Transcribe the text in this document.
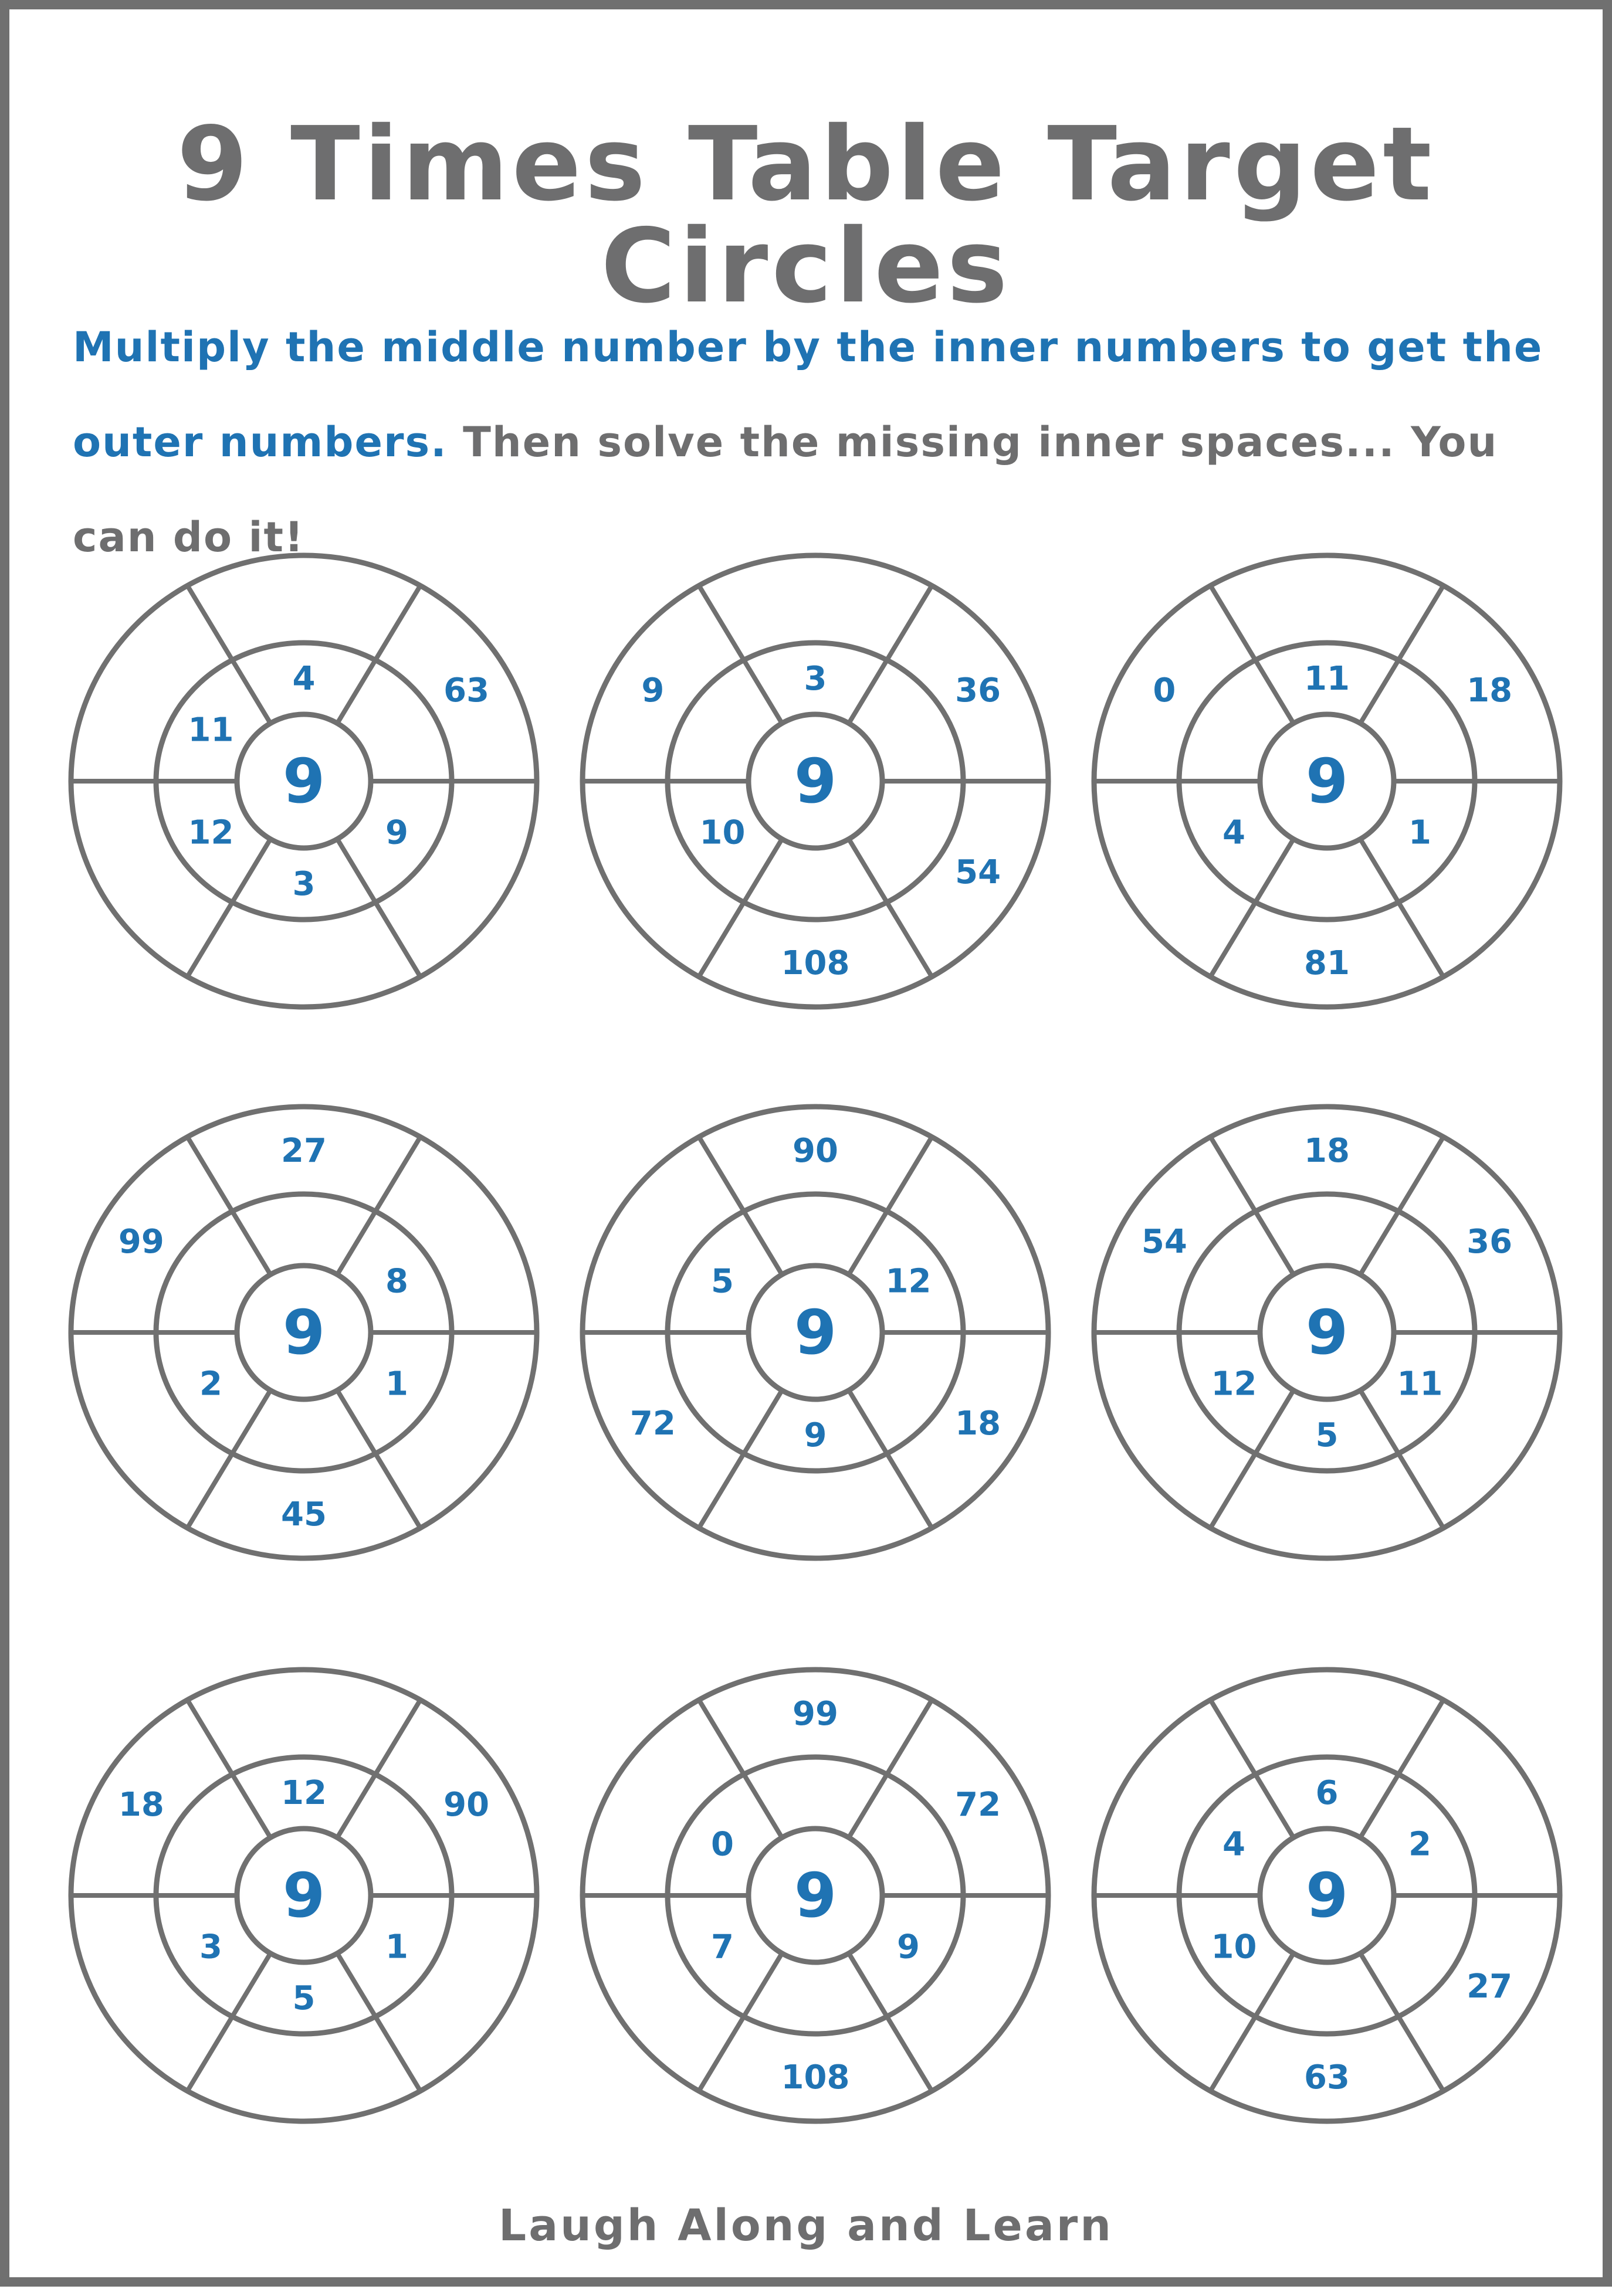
9 Times Table Target Circles

Multiply the middle number by the inner numbers to get the outer numbers. Then solve the missing inner spaces... You can do it!

9
4	63
9
3
12
11
9
3	36
54
108
10
9
9
11	18
1
81
4
0
9
27
8
1
45
2
99
9
90
12
18
9
72
5
9
18
36
11
5
12
54
9
12	90
1
5
3
18
9
99
72
9
108
7
0
9
6
2
27
63
10
4

Laugh Along and Learn
